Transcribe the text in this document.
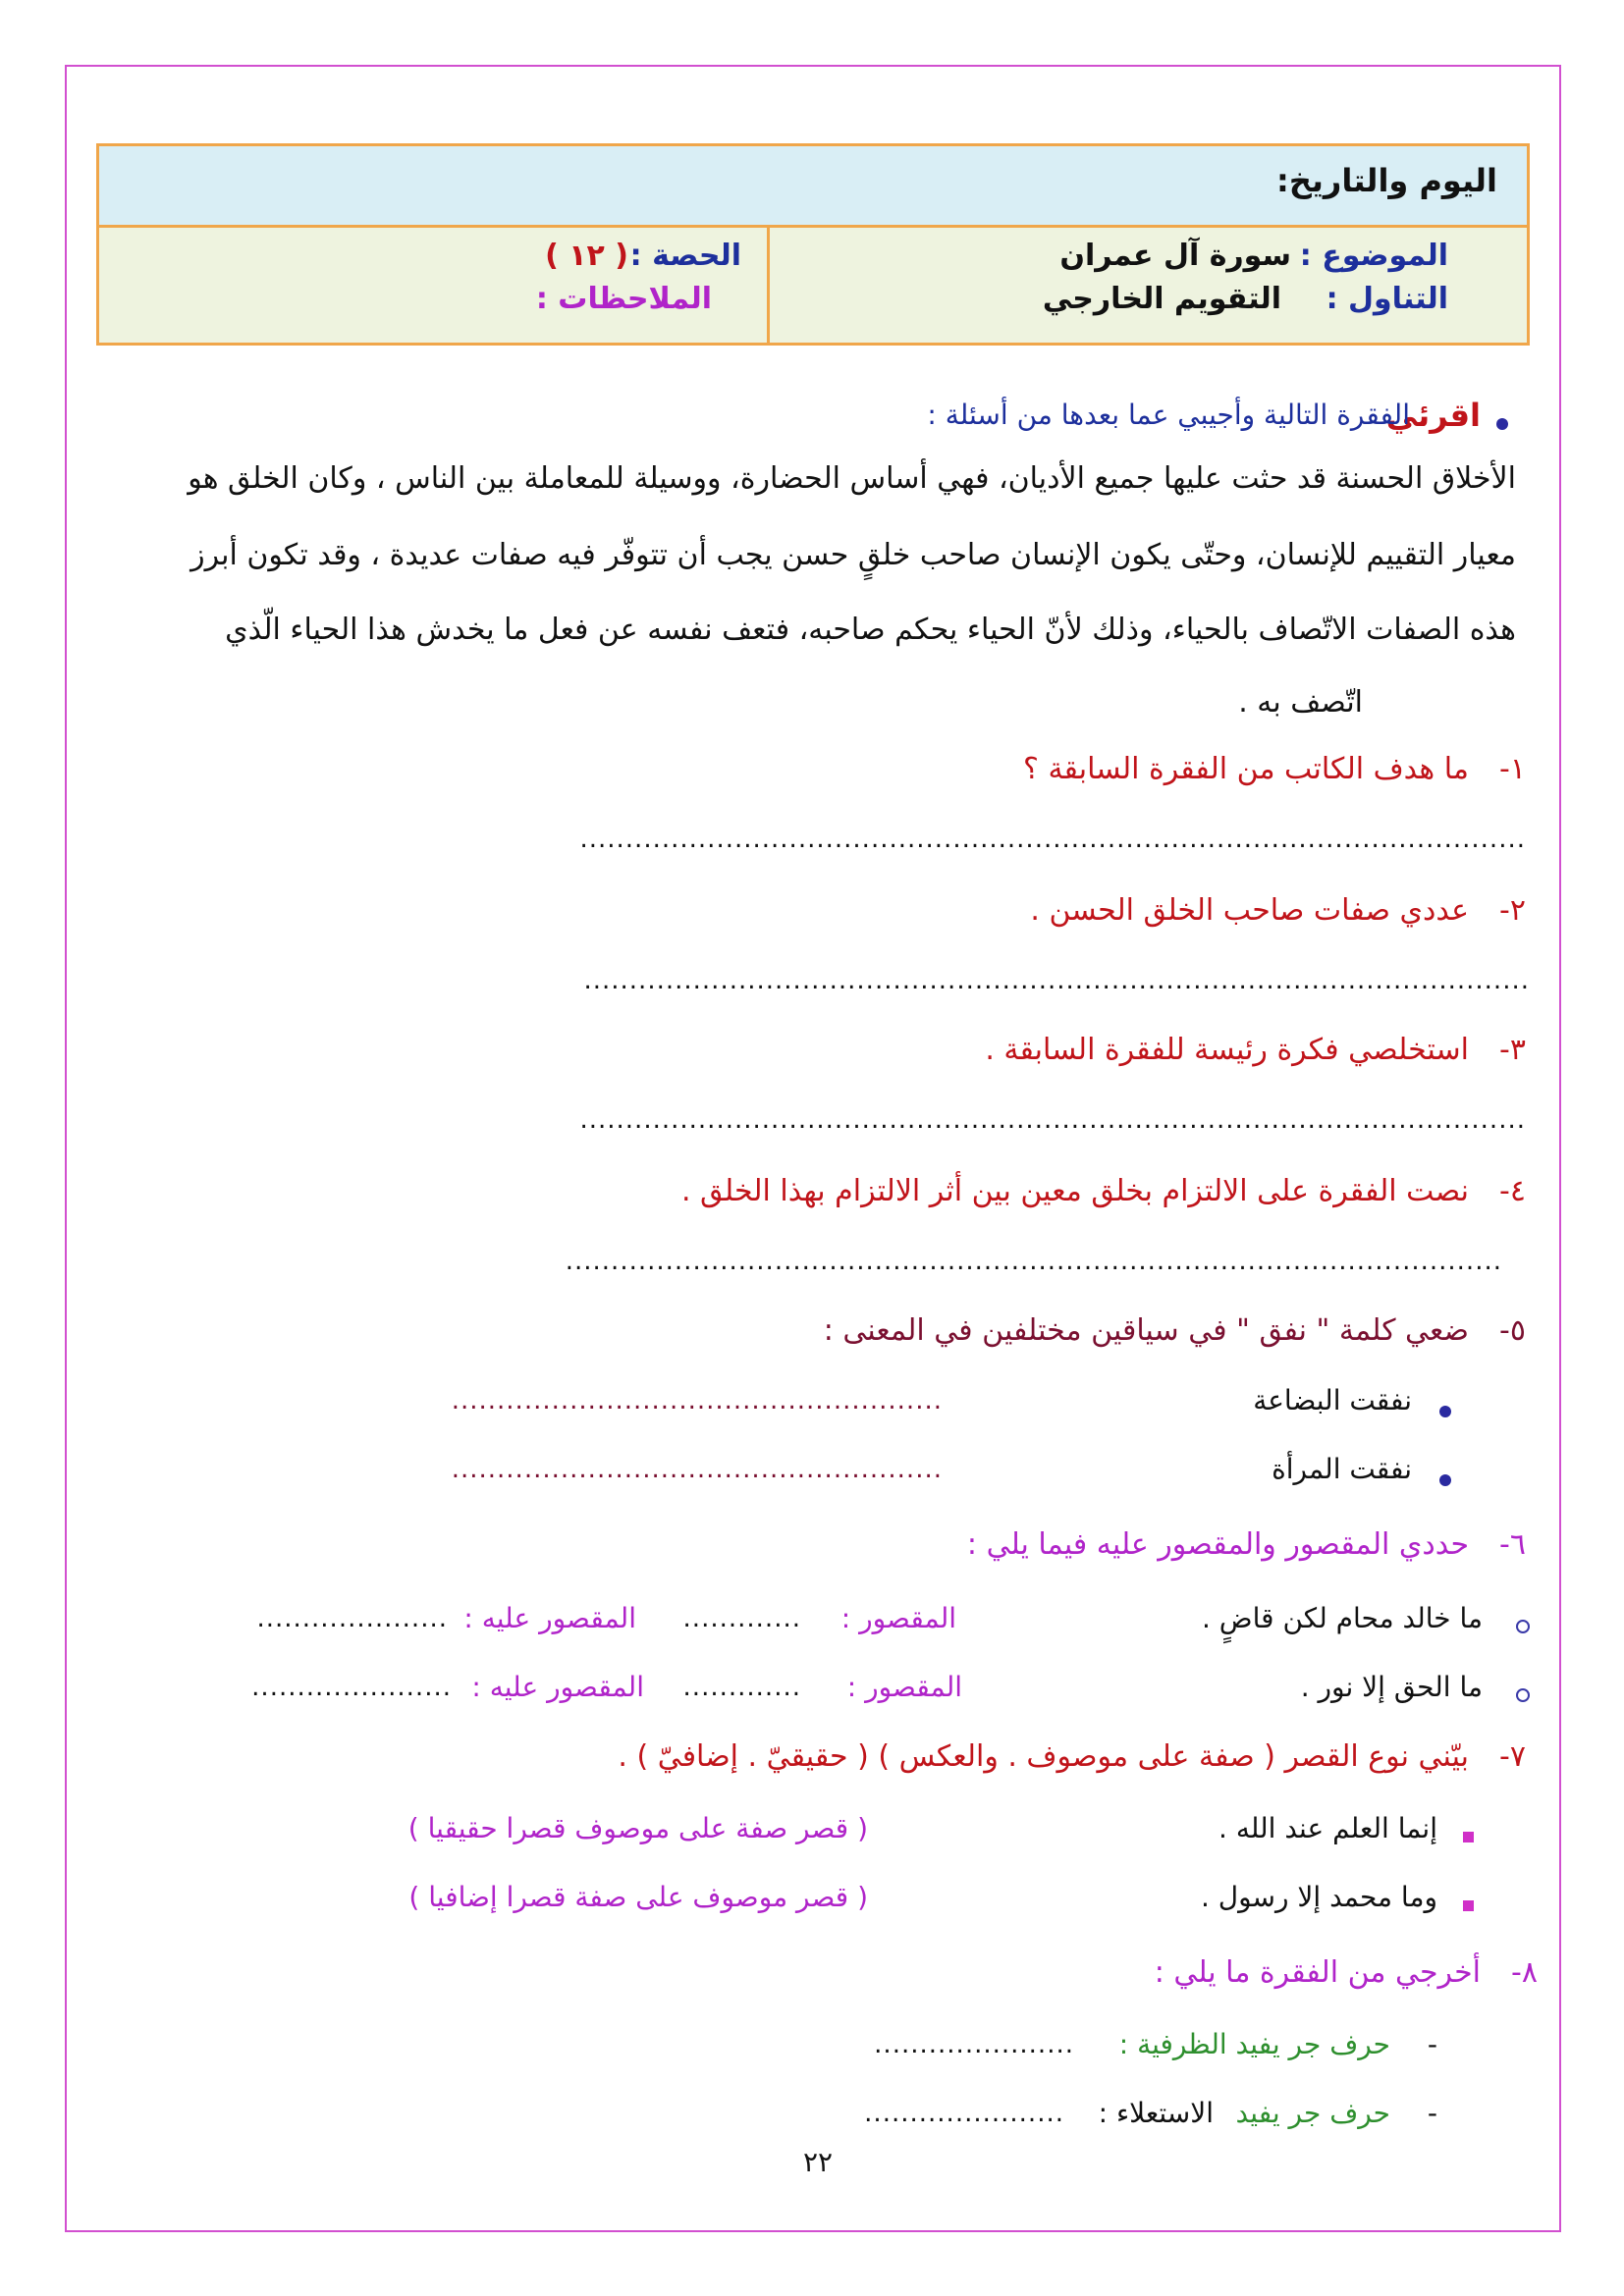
اليوم والتاريخ:
الموضوع :
سورة آل عمران
التناول :
التقويم الخارجي
الحصة :
( ١٢ )
الملاحظات :
اقرئي
الفقرة التالية وأجيبي عما بعدها من أسئلة :
الأخلاق الحسنة قد حثت عليها جميع الأديان، فهي أساس الحضارة، ووسيلة للمعاملة بين الناس ، وكان الخلق هو
معيار التقييم للإنسان، وحتّى يكون الإنسان صاحب خلقٍ حسن يجب أن تتوفّر فيه صفات عديدة ، وقد تكون أبرز
هذه الصفات الاتّصاف بالحياء، وذلك لأنّ الحياء يحكم صاحبه، فتعف نفسه عن فعل ما يخدش هذا الحياء الّذي
اتّصف به .
١-
ما هدف الكاتب من الفقرة السابقة ؟
........................................................................................................
٢-
عددي صفات صاحب الخلق الحسن .
........................................................................................................
٣-
استخلصي فكرة رئيسة للفقرة السابقة .
........................................................................................................
٤-
نصت الفقرة على الالتزام بخلق معين بين أثر الالتزام بهذا الخلق .
.......................................................................................................
٥-
ضعي كلمة " نفق " في سياقين مختلفين في المعنى :
نفقت البضاعة
......................................................
نفقت المرأة
......................................................
٦-
حددي المقصور والمقصور عليه فيما يلي :
ما خالد محام لكن قاضٍ .
المقصور :
.............
المقصور عليه :
.....................
ما الحق إلا نور .
المقصور :
.............
المقصور عليه :
......................
٧-
بيّني نوع القصر ( صفة على موصوف . والعكس ) ( حقيقيّ . إضافيّ ) .
إنما العلم عند الله .
( قصر صفة على موصوف قصرا حقيقيا )
وما محمد إلا رسول .
( قصر موصوف على صفة قصرا إضافيا )
٨-
أخرجي من الفقرة ما يلي :
-
حرف جر يفيد الظرفية :
......................
-
حرف جر يفيد
الاستعلاء :
......................
٢٢
